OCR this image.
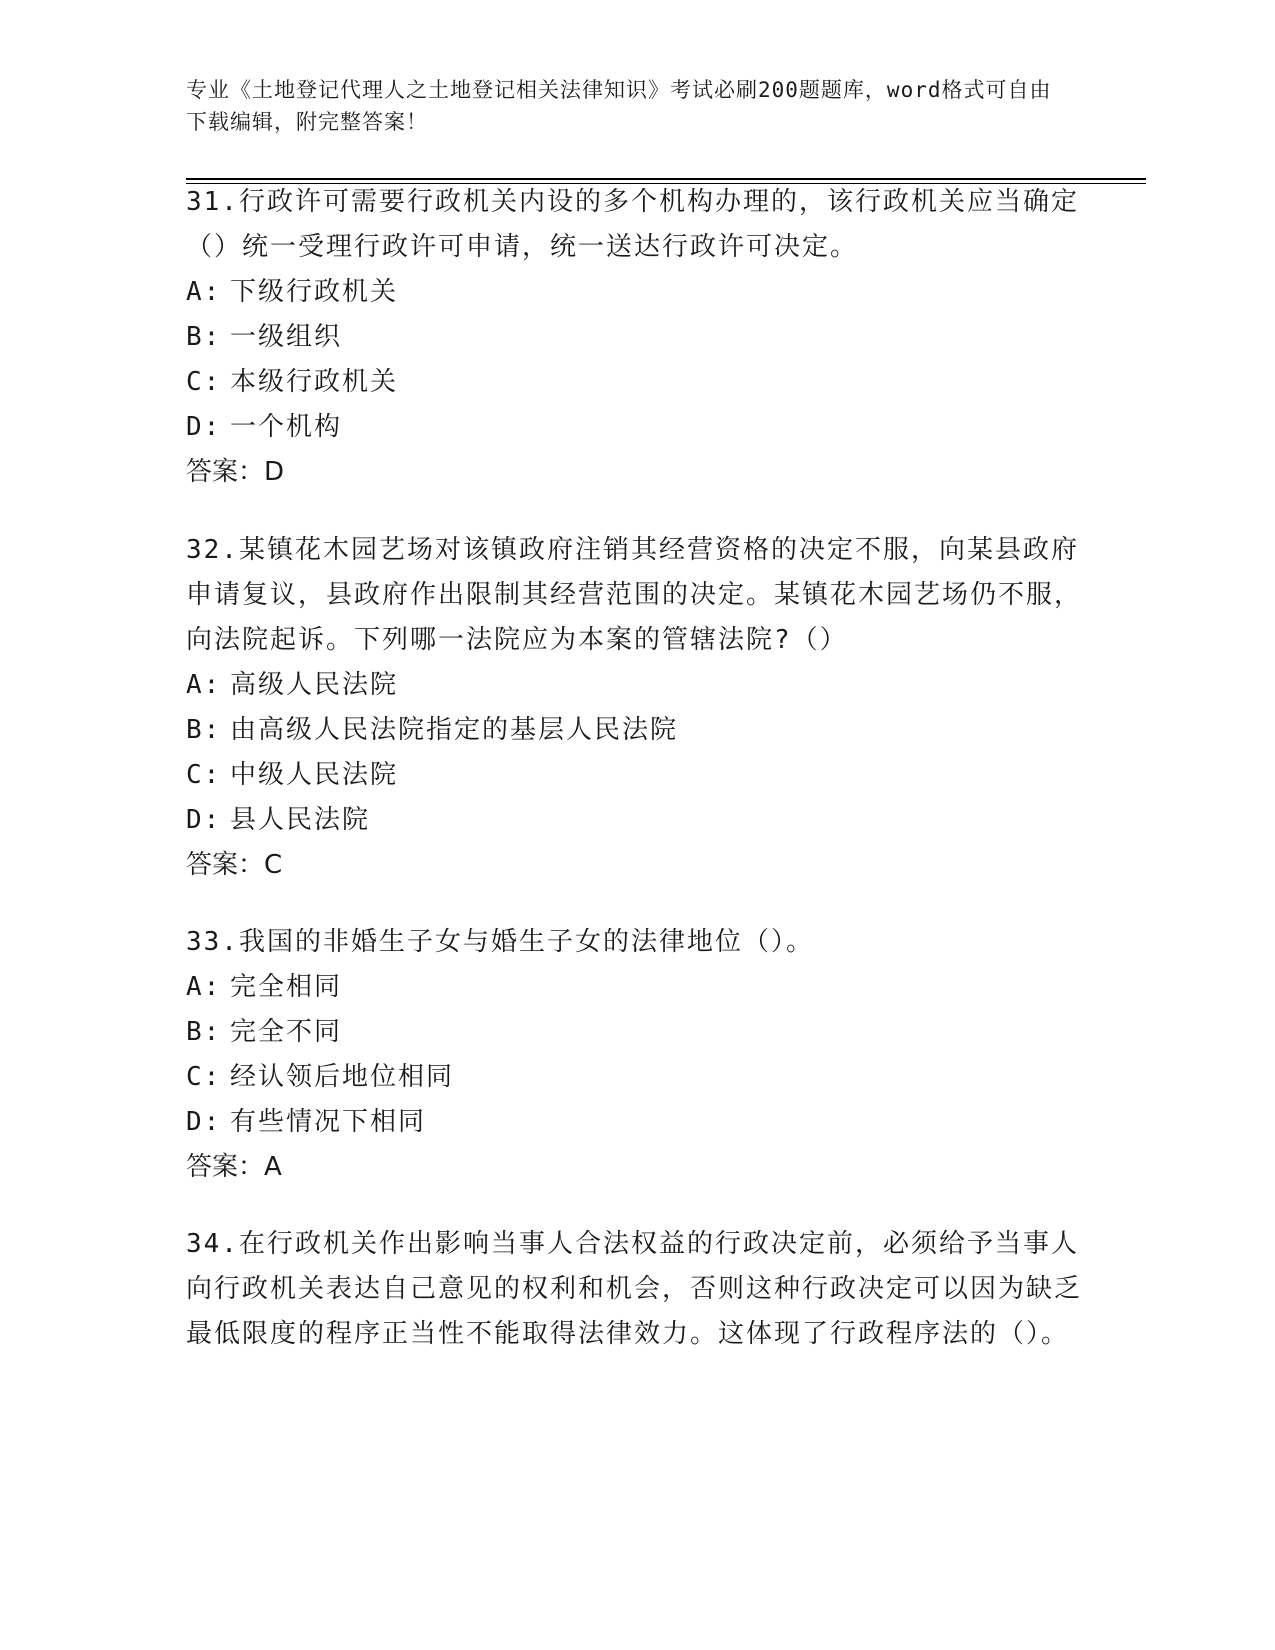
专业《土地登记代理人之土地登记相关法律知识》考试必刷200题题库，word格式可自由下载编辑，附完整答案！

31.行政许可需要行政机关内设的多个机构办理的，该行政机关应当确定（）统一受理行政许可申请，统一送达行政许可决定。

A: 下级行政机关

B: 一级组织

C: 本级行政机关

D: 一个机构

答案：D

32.某镇花木园艺场对该镇政府注销其经营资格的决定不服，向某县政府申请复议，县政府作出限制其经营范围的决定。某镇花木园艺场仍不服，向法院起诉。下列哪一法院应为本案的管辖法院?（）

A: 高级人民法院

B: 由高级人民法院指定的基层人民法院

C: 中级人民法院

D: 县人民法院

答案：C

33.我国的非婚生子女与婚生子女的法律地位（）。

A: 完全相同

B: 完全不同

C: 经认领后地位相同

D: 有些情况下相同

答案：A

34.在行政机关作出影响当事人合法权益的行政决定前，必须给予当事人向行政机关表达自己意见的权利和机会，否则这种行政决定可以因为缺乏最低限度的程序正当性不能取得法律效力。这体现了行政程序法的（）。
